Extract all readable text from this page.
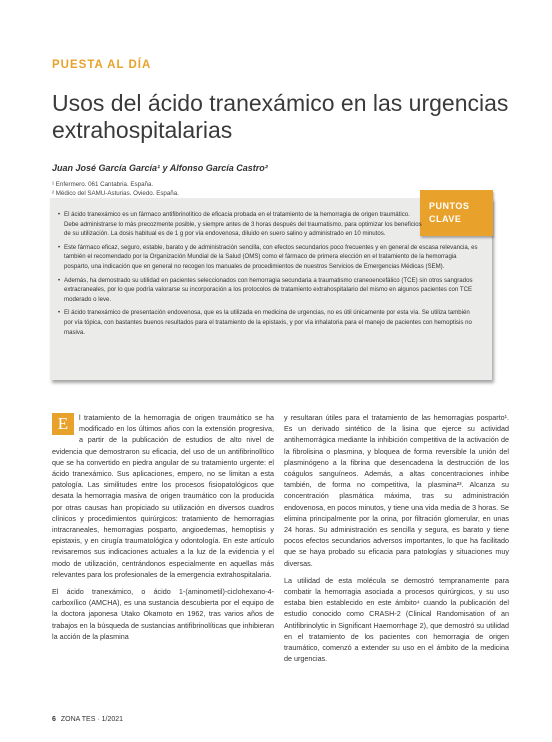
PUESTA AL DÍA
Usos del ácido tranexámico en las urgencias extrahospitalarias
Juan José García García¹ y Alfonso García Castro²
¹ Enfermero. 061 Cantabria. España.
² Médico del SAMU-Asturias. Oviedo. España.
PUNTOS
CLAVE
• El ácido tranexámico es un fármaco antifibrinolítico de eficacia probada en el tratamiento de la hemorragia de origen traumático. Debe administrarse lo más precozmente posible, y siempre antes de 3 horas después del traumatismo, para optimizar los beneficios de su utilización. La dosis habitual es de 1 g por vía endovenosa, diluido en suero salino y administrado en 10 minutos.
• Este fármaco eficaz, seguro, estable, barato y de administración sencilla, con efectos secundarios poco frecuentes y en general de escasa relevancia, es también el recomendado por la Organización Mundial de la Salud (OMS) como el fármaco de primera elección en el tratamiento de la hemorragia posparto, una indicación que en general no recogen los manuales de procedimientos de nuestros Servicios de Emergencias Médicas (SEM).
• Además, ha demostrado su utilidad en pacientes seleccionados con hemorragia secundaria a traumatismo craneoencefálico (TCE) sin otros sangrados extracraneales, por lo que podría valorarse su incorporación a los protocolos de tratamiento extrahospitalario del mismo en algunos pacientes con TCE moderado o leve.
• El ácido tranexámico de presentación endovenosa, que es la utilizada en medicina de urgencias, no es útil únicamente por esta vía. Se utiliza también por vía tópica, con bastantes buenos resultados para el tratamiento de la epistaxis, y por vía inhalatoria para el manejo de pacientes con hemoptisis no masiva.

E	l tratamiento de la hemorragia de origen traumático se ha modificado en los últimos años con la extensión progresiva, a partir de la publicación de estudios de alto nivel de evidencia que demostraron su eficacia, del uso de un antifibrinolítico que se ha convertido en piedra angular de su tratamiento urgente: el ácido tranexámico. Sus aplicaciones, empero, no se limitan a esta patología. Las similitudes entre los procesos fisiopatológicos que desata la hemorragia masiva de origen traumático con la producida por otras causas han propiciado su utilización en diversos cuadros clínicos y procedimientos quirúrgicos: tratamiento de hemorragias intracraneales, hemorragias posparto, angioedemas, hemoptisis y epistaxis, y en cirugía traumatológica y odontología. En este artículo revisaremos sus indicaciones actuales a la luz de la evidencia y el modo de utilización, centrándonos especialmente en aquellas más relevantes para los profesionales de la emergencia extrahospitalaria.

El ácido tranexámico, o ácido 1-(aminometil)-ciclohexano-4-carboxílico (AMCHA), es una sustancia descubierta por el equipo de la doctora japonesa Utako Okamoto en 1962, tras varios años de trabajos en la búsqueda de sustancias antifibrinolíticas que inhibieran la acción de la plasmina

y resultaran útiles para el tratamiento de las hemorragias posparto¹. Es un derivado sintético de la lisina que ejerce su actividad antihemorrágica mediante la inhibición competitiva de la activación de la fibrolisina o plasmina, y bloquea de forma reversible la unión del plasminógeno a la fibrina que desencadena la destrucción de los coágulos sanguíneos. Además, a altas concentraciones inhibe también, de forma no competitiva, la plasmina²³. Alcanza su concentración plasmática máxima, tras su administración endovenosa, en pocos minutos, y tiene una vida media de 3 horas. Se elimina principalmente por la orina, por filtración glomerular, en unas 24 horas. Su administración es sencilla y segura, es barato y tiene pocos efectos secundarios adversos importantes, lo que ha facilitado que se haya probado su eficacia para patologías y situaciones muy diversas.

La utilidad de esta molécula se demostró tempranamente para combatir la hemorragia asociada a procesos quirúrgicos, y su uso estaba bien establecido en este ámbito⁴ cuando la publicación del estudio conocido como CRASH-2 (Clinical Randomisation of an Antifibrinolytic in Significant Haemorrhage 2), que demostró su utilidad en el tratamiento de los pacientes con hemorragia de origen traumático, comenzó a extender su uso en el ámbito de la medicina de urgencias.

6 ZONA TES · 1/2021
